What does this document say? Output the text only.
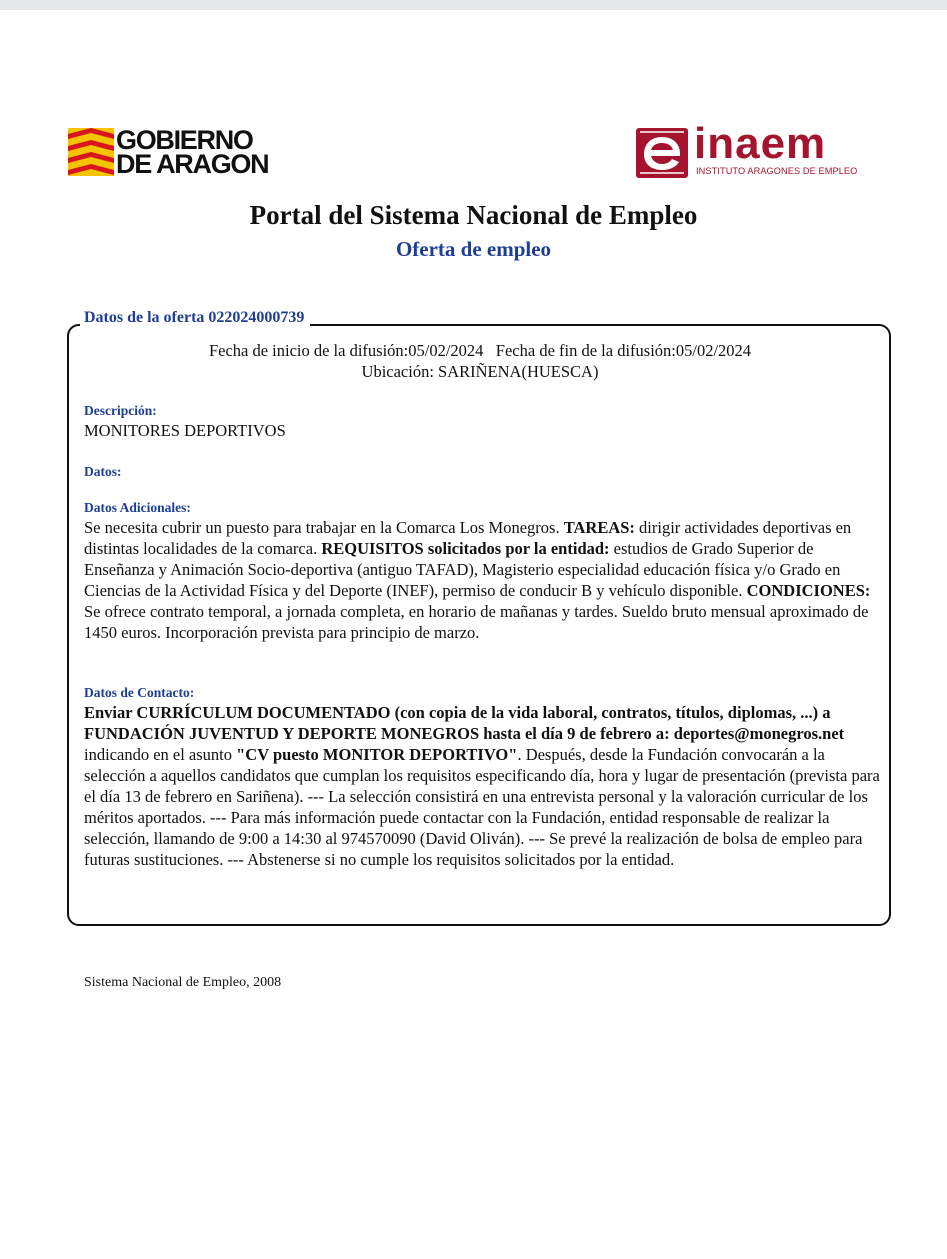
GOBIERNO
DE ARAGON	inaem
INSTITUTO ARAGONES DE EMPLEO
Portal del Sistema Nacional de Empleo
Oferta de empleo
Datos de la oferta 022024000739
Fecha de inicio de la difusión:05/02/2024   Fecha de fin de la difusión:05/02/2024
Ubicación: SARIÑENA(HUESCA)
Descripción:
MONITORES DEPORTIVOS
Datos:
Datos Adicionales:
Se necesita cubrir un puesto para trabajar en la Comarca Los Monegros. TAREAS: dirigir actividades deportivas en distintas localidades de la comarca. REQUISITOS solicitados por la entidad: estudios de Grado Superior de Enseñanza y Animación Socio-deportiva (antiguo TAFAD), Magisterio especialidad educación física y/o Grado en Ciencias de la Actividad Física y del Deporte (INEF), permiso de conducir B y vehículo disponible. CONDICIONES: Se ofrece contrato temporal, a jornada completa, en horario de mañanas y tardes. Sueldo bruto mensual aproximado de 1450 euros. Incorporación prevista para principio de marzo.
Datos de Contacto:
Enviar CURRÍCULUM DOCUMENTADO (con copia de la vida laboral, contratos, títulos, diplomas, ...) a FUNDACIÓN JUVENTUD Y DEPORTE MONEGROS hasta el día 9 de febrero a: deportes@monegros.net indicando en el asunto "CV puesto MONITOR DEPORTIVO". Después, desde la Fundación convocarán a la selección a aquellos candidatos que cumplan los requisitos especificando día, hora y lugar de presentación (prevista para el día 13 de febrero en Sariñena). --- La selección consistirá en una entrevista personal y la valoración curricular de los méritos aportados. --- Para más información puede contactar con la Fundación, entidad responsable de realizar la selección, llamando de 9:00 a 14:30 al 974570090 (David Oliván). --- Se prevé la realización de bolsa de empleo para futuras sustituciones. --- Abstenerse si no cumple los requisitos solicitados por la entidad.
Sistema Nacional de Empleo, 2008
